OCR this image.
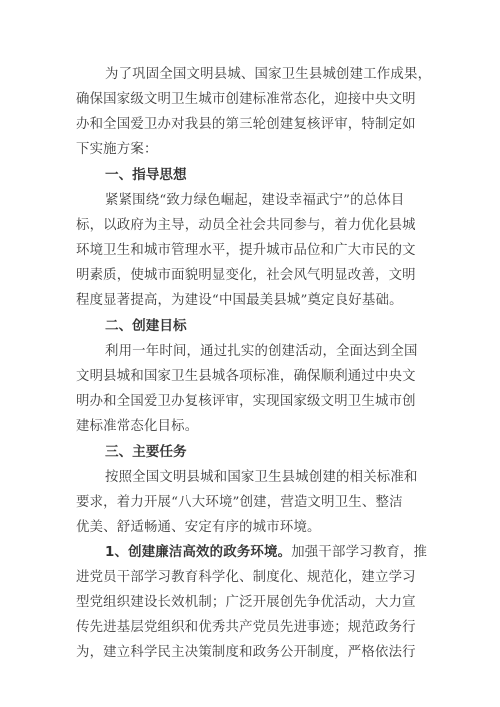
为了巩固全国文明县城、国家卫生县城创建工作成果，
确保国家级文明卫生城市创建标准常态化，迎接中央文明
办和全国爱卫办对我县的第三轮创建复核评审，特制定如
下实施方案：
一、指导思想
紧紧围绕“致力绿色崛起，建设幸福武宁”的总体目
标，以政府为主导，动员全社会共同参与，着力优化县城
环境卫生和城市管理水平，提升城市品位和广大市民的文
明素质，使城市面貌明显变化，社会风气明显改善，文明
程度显著提高，为建设“中国最美县城”奠定良好基础。
二、创建目标
利用一年时间，通过扎实的创建活动，全面达到全国
文明县城和国家卫生县城各项标准，确保顺利通过中央文
明办和全国爱卫办复核评审，实现国家级文明卫生城市创
建标准常态化目标。
三、主要任务
按照全国文明县城和国家卫生县城创建的相关标准和
要求，着力开展“八大环境”创建，营造文明卫生、整洁
优美、舒适畅通、安定有序的城市环境。
1、创建廉洁高效的政务环境。加强干部学习教育，推
进党员干部学习教育科学化、制度化、规范化，建立学习
型党组织建设长效机制；广泛开展创先争优活动，大力宣
传先进基层党组织和优秀共产党员先进事迹；规范政务行
为，建立科学民主决策制度和政务公开制度，严格依法行
